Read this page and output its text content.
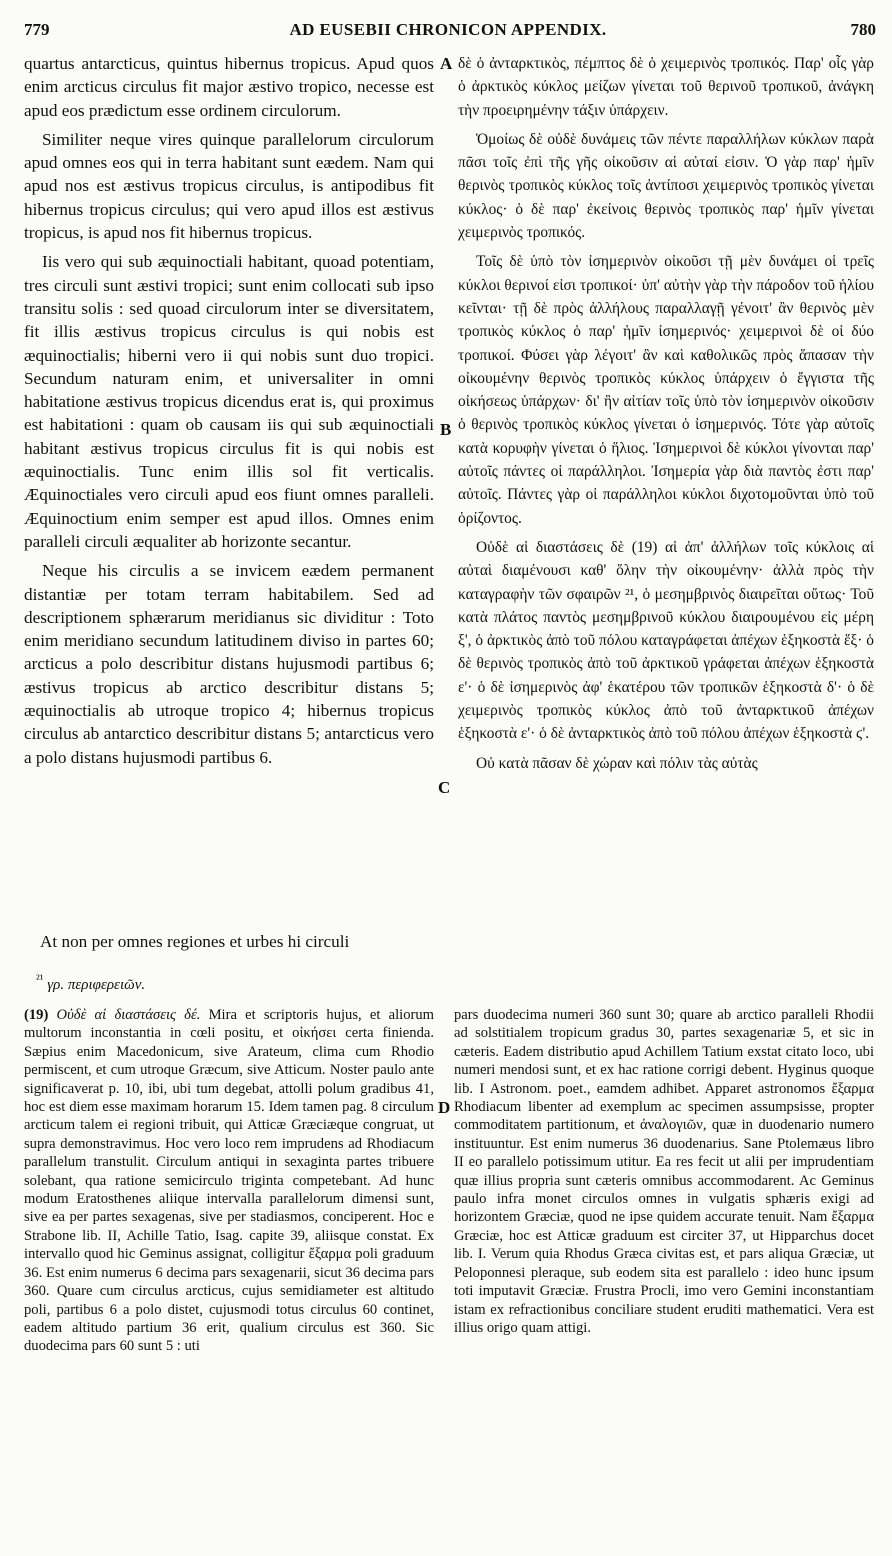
779	AD EUSEBII CHRONICON APPENDIX.	780

quartus antarcticus, quintus hibernus tropicus. Apud quos enim arcticus circulus fit major æstivo tropico, necesse est apud eos prædictum esse ordinem circulorum.

Similiter neque vires quinque parallelorum circulorum apud omnes eos qui in terra habitant sunt eædem. Nam qui apud nos est æstivus tropicus circulus, is antipodibus fit hibernus tropicus circulus; qui vero apud illos est æstivus tropicus, is apud nos fit hibernus tropicus.

Iis vero qui sub æquinoctiali habitant, quoad potentiam, tres circuli sunt æstivi tropici; sunt enim collocati sub ipso transitu solis : sed quoad circulorum inter se diversitatem, fit illis æstivus tropicus circulus is qui nobis est æquinoctialis; hiberni vero ii qui nobis sunt duo tropici. Secundum naturam enim, et universaliter in omni habitatione æstivus tropicus dicendus erat is, qui proximus est habitationi : quam ob causam iis qui sub æquinoctiali habitant æstivus tropicus circulus fit is qui nobis est æquinoctialis. Tunc enim illis sol fit verticalis. Æquinoctiales vero circuli apud eos fiunt omnes paralleli. Æquinoctium enim semper est apud illos. Omnes enim paralleli circuli æqualiter ab horizonte secantur.

Neque his circulis a se invicem eædem permanent distantiæ per totam terram habitabilem. Sed ad descriptionem sphærarum meridianus sic dividitur : Toto enim meridiano secundum latitudinem diviso in partes 60; arcticus a polo describitur distans hujusmodi partibus 6; æstivus tropicus ab arctico describitur distans 5; æquinoctialis ab utroque tropico 4; hibernus tropicus circulus ab antarctico describitur distans 5; antarcticus vero a polo distans hujusmodi partibus 6.

At non per omnes regiones et urbes hi circuli
$^{^{21}}$ γρ. περιφερειῶν.
A
B
C
D

δὲ ὁ ἀνταρκτικὸς, πέμπτος δὲ ὁ χειμερινὸς τροπικός. Παρ' οἷς γὰρ ὁ ἀρκτικὸς κύκλος μείζων γίνεται τοῦ θερινοῦ τροπικοῦ, ἀνάγκη τὴν προειρημένην τάξιν ὑπάρχειν.

Ὁμοίως δὲ οὐδὲ δυνάμεις τῶν πέντε παραλλήλων κύκλων παρὰ πᾶσι τοῖς ἐπὶ τῆς γῆς οἰκοῦσιν αἱ αὐταί εἰσιν. Ὁ γὰρ παρ' ἡμῖν θερινὸς τροπικὸς κύκλος τοῖς ἀντίποσι χειμερινὸς τροπικὸς γίνεται κύκλος· ὁ δὲ παρ' ἐκείνοις θερινὸς τροπικὸς παρ' ἡμῖν γίνεται χειμερινὸς τροπικός.

Τοῖς δὲ ὑπὸ τὸν ἰσημερινὸν οἰκοῦσι τῇ μὲν δυνάμει οἱ τρεῖς κύκλοι θερινοί εἰσι τροπικοί· ὑπ' αὐτὴν γὰρ τὴν πάροδον τοῦ ἡλίου κεῖνται· τῇ δὲ πρὸς ἀλλήλους παραλλαγῇ γένοιτ' ἂν θερινὸς μὲν τροπικὸς κύκλος ὁ παρ' ἡμῖν ἰσημερινός· χειμερινοὶ δὲ οἱ δύο τροπικοί. Φύσει γὰρ λέγοιτ' ἂν καὶ καθολικῶς πρὸς ἅπασαν τὴν οἰκουμένην θερινὸς τροπικὸς κύκλος ὑπάρχειν ὁ ἔγγιστα τῆς οἰκήσεως ὑπάρχων· δι' ἣν αἰτίαν τοῖς ὑπὸ τὸν ἰσημερινὸν οἰκοῦσιν ὁ θερινὸς τροπικὸς κύκλος γίνεται ὁ ἰσημερινός. Τότε γὰρ αὐτοῖς κατὰ κορυφὴν γίνεται ὁ ἥλιος. Ἰσημερινοὶ δὲ κύκλοι γίνονται παρ' αὐτοῖς πάντες οἱ παράλληλοι. Ἰσημερία γὰρ διὰ παντὸς ἐστι παρ' αὐτοῖς. Πάντες γὰρ οἱ παράλληλοι κύκλοι διχοτομοῦνται ὑπὸ τοῦ ὁρίζοντος.

Οὐδὲ αἱ διαστάσεις δὲ (19) αἱ ἀπ' ἀλλήλων τοῖς κύκλοις αἱ αὐταὶ διαμένουσι καθ' ὅλην τὴν οἰκουμένην· ἀλλὰ πρὸς τὴν καταγραφὴν τῶν σφαιρῶν ²¹, ὁ μεσημβρινὸς διαιρεῖται οὕτως· Τοῦ κατὰ πλάτος παντὸς μεσημβρινοῦ κύκλου διαιρουμένου εἰς μέρη ξ', ὁ ἀρκτικὸς ἀπὸ τοῦ πόλου καταγράφεται ἀπέχων ἑξηκοστὰ ἕξ· ὁ δὲ θερινὸς τροπικὸς ἀπὸ τοῦ ἀρκτικοῦ γράφεται ἀπέχων ἑξηκοστὰ ε'· ὁ δὲ ἰσημερινὸς ἀφ' ἑκατέρου τῶν τροπικῶν ἑξηκοστὰ δ'· ὁ δὲ χειμερινὸς τροπικὸς κύκλος ἀπὸ τοῦ ἀνταρκτικοῦ ἀπέχων ἑξηκοστὰ ε'· ὁ δὲ ἀνταρκτικὸς ἀπὸ τοῦ πόλου ἀπέχων ἑξηκοστὰ ϛ'.

Οὐ κατὰ πᾶσαν δὲ χώραν καὶ πόλιν τὰς αὐτὰς

(19) Οὐδὲ αἱ διαστάσεις δέ. Mira et scriptoris hujus, et aliorum multorum inconstantia in cœli positu, et οἰκήσει certa finienda. Sæpius enim Macedonicum, sive Arateum, clima cum Rhodio permiscent, et cum utroque Græcum, sive Atticum. Noster paulo ante significaverat p. 10, ibi, ubi tum degebat, attolli polum gradibus 41, hoc est diem esse maximam horarum 15. Idem tamen pag. 8 circulum arcticum talem ei regioni tribuit, qui Atticæ Græciæque congruat, ut supra demonstravimus. Hoc vero loco rem imprudens ad Rhodiacum parallelum transtulit. Circulum antiqui in sexaginta partes tribuere solebant, qua ratione semicirculo triginta competebant. Ad hunc modum Eratosthenes aliique intervalla parallelorum dimensi sunt, sive ea per partes sexagenas, sive per stadiasmos, conciperent. Hoc e Strabone lib. II, Achille Tatio, Isag. capite 39, aliisque constat. Ex intervallo quod hic Geminus assignat, colligitur ἔξαρμα poli graduum 36. Est enim numerus 6 decima pars sexagenarii, sicut 36 decima pars 360. Quare cum circulus arcticus, cujus semidiameter est altitudo poli, partibus 6 a polo distet, cujusmodi totus circulus 60 continet, eadem altitudo partium 36 erit, qualium circulus est 360. Sic duodecima pars 60 sunt 5 : uti

pars duodecima numeri 360 sunt 30; quare ab arctico paralleli Rhodii ad solstitialem tropicum gradus 30, partes sexagenariæ 5, et sic in cæteris. Eadem distributio apud Achillem Tatium exstat citato loco, ubi numeri mendosi sunt, et ex hac ratione corrigi debent. Hyginus quoque lib. I Astronom. poet., eamdem adhibet. Apparet astronomos ἔξαρμα Rhodiacum libenter ad exemplum ac specimen assumpsisse, propter commoditatem partitionum, et ἀναλογιῶν, quæ in duodenario numero instituuntur. Est enim numerus 36 duodenarius. Sane Ptolemæus libro II eo parallelo potissimum utitur. Ea res fecit ut alii per imprudentiam quæ illius propria sunt cæteris omnibus accommodarent. Ac Geminus paulo infra monet circulos omnes in vulgatis sphæris exigi ad horizontem Græciæ, quod ne ipse quidem accurate tenuit. Nam ἔξαρμα Græciæ, hoc est Atticæ graduum est circiter 37, ut Hipparchus docet lib. I. Verum quia Rhodus Græca civitas est, et pars aliqua Græciæ, ut Peloponnesi pleraque, sub eodem sita est parallelo : ideo hunc ipsum toti imputavit Græciæ. Frustra Procli, imo vero Gemini inconstantiam istam ex refractionibus conciliare student eruditi mathematici. Vera est illius origo quam attigi.
